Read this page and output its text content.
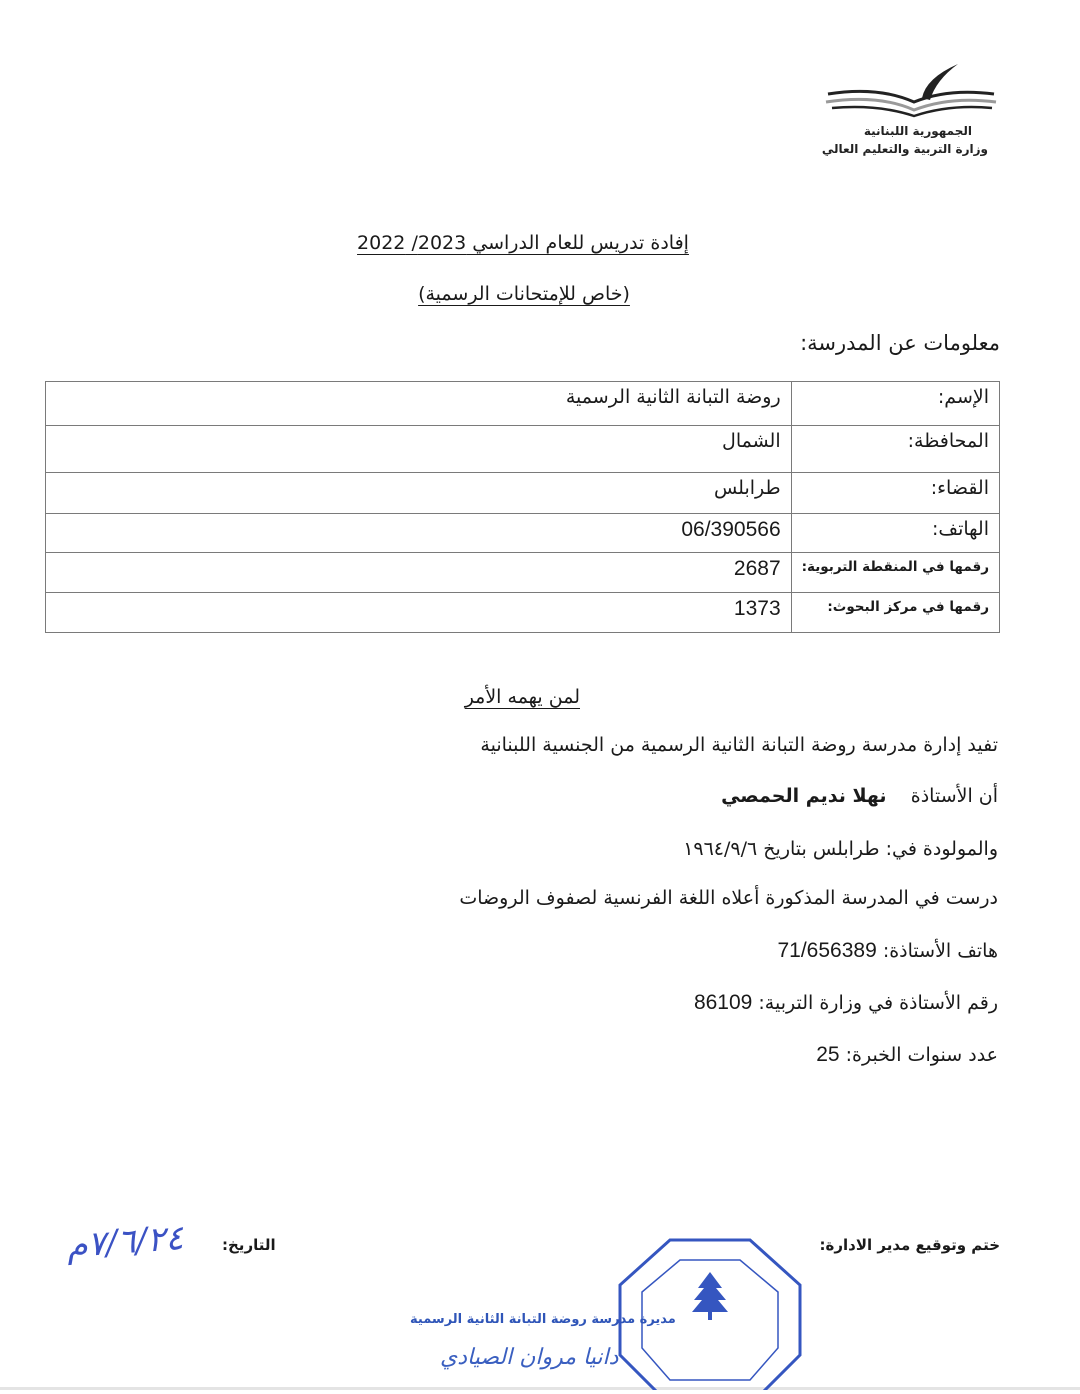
الجمهورية اللبنانية
وزارة التربية والتعليم العالي
إفادة تدريس للعام الدراسي 2023/ 2022
(خاص للإمتحانات الرسمية)
معلومات عن المدرسة:
الإسم:	روضة التبانة الثانية الرسمية
المحافظة:	الشمال
القضاء:	طرابلس
الهاتف:	06/390566
رقمها في المنقطة التربوية:	2687
رقمها في مركز البحوث:	1373
لمن يهمه الأمر
تفيد إدارة مدرسة روضة التبانة الثانية الرسمية من الجنسية اللبنانية
أن الأستاذة    نهلا نديم الحمصي
والمولودة في: طرابلس بتاريخ ١٩٦٤/٩/٦
درست في المدرسة المذكورة أعلاه اللغة الفرنسية لصفوف الروضات
هاتف الأستاذة: 71/656389
رقم الأستاذة في وزارة التربية: 86109
عدد سنوات الخبرة: 25
ختم وتوقيع مدير الادارة:
التاريخ:
٧/٦/٢٤م
مديرة مدرسة روضة التبانة الثانية الرسمية
دانيا مروان الصيادي
